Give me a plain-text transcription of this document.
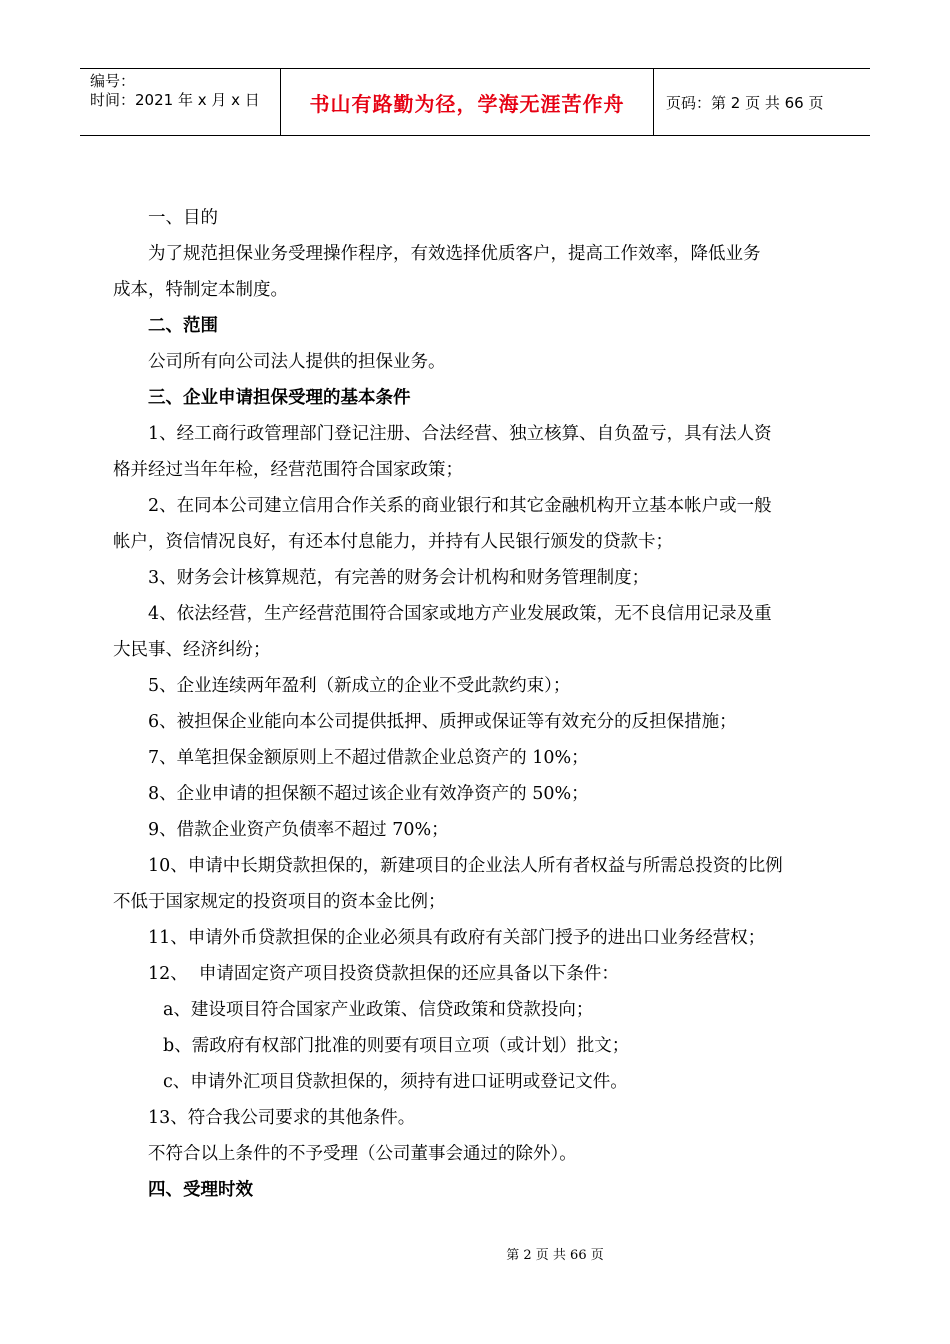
编号：
时间：2021 年 x 月 x 日	书山有路勤为径，学海无涯苦作舟	页码：第 2 页 共 66 页

一、目的

为了规范担保业务受理操作程序，有效选择优质客户，提高工作效率，降低业务

成本，特制定本制度。

二、范围

公司所有向公司法人提供的担保业务。

三、企业申请担保受理的基本条件

1、经工商行政管理部门登记注册、合法经营、独立核算、自负盈亏，具有法人资

格并经过当年年检，经营范围符合国家政策；

2、在同本公司建立信用合作关系的商业银行和其它金融机构开立基本帐户或一般

帐户，资信情况良好，有还本付息能力，并持有人民银行颁发的贷款卡；

3、财务会计核算规范，有完善的财务会计机构和财务管理制度；

4、依法经营，生产经营范围符合国家或地方产业发展政策，无不良信用记录及重

大民事、经济纠纷；

5、企业连续两年盈利（新成立的企业不受此款约束）；

6、被担保企业能向本公司提供抵押、质押或保证等有效充分的反担保措施；

7、单笔担保金额原则上不超过借款企业总资产的 10%；

8、企业申请的担保额不超过该企业有效净资产的 50%；

9、借款企业资产负债率不超过 70%；

10、申请中长期贷款担保的，新建项目的企业法人所有者权益与所需总投资的比例

不低于国家规定的投资项目的资本金比例；

11、申请外币贷款担保的企业必须具有政府有关部门授予的进出口业务经营权；

12、  申请固定资产项目投资贷款担保的还应具备以下条件：

a、建设项目符合国家产业政策、信贷政策和贷款投向；

b、需政府有权部门批准的则要有项目立项（或计划）批文；

c、申请外汇项目贷款担保的，须持有进口证明或登记文件。

13、符合我公司要求的其他条件。

不符合以上条件的不予受理（公司董事会通过的除外）。

四、受理时效

第 2 页 共 66 页
